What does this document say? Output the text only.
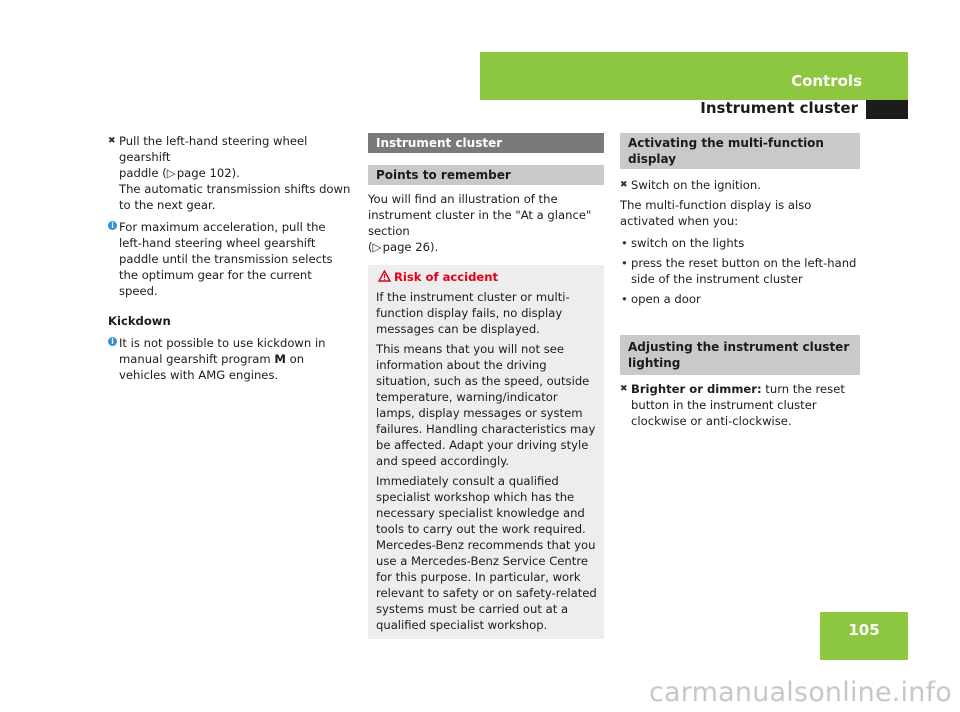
Controls
Instrument cluster
✖ Pull the left-hand steering wheel gearshift
paddle (▷ page 102).

The automatic transmission shifts down to the next gear.

i For maximum acceleration, pull the left-hand steering wheel gearshift paddle until the transmission selects the optimum gear for the current speed.

Kickdown

i It is not possible to use kickdown in manual gearshift program M on vehicles with AMG engines.
Instrument cluster
Points to remember

You will find an illustration of the instrument cluster in the "At a glance" section
(▷ page 26).

Risk of accident

If the instrument cluster or multi-function display fails, no display messages can be displayed.

This means that you will not see information about the driving situation, such as the speed, outside temperature, warning/indicator lamps, display messages or system failures. Handling characteristics may be affected. Adapt your driving style and speed accordingly.

Immediately consult a qualified specialist workshop which has the necessary specialist knowledge and tools to carry out the work required. Mercedes-Benz recommends that you use a Mercedes-Benz Service Centre for this purpose. In particular, work relevant to safety or on safety-related systems must be carried out at a qualified specialist workshop.

Activating the multi-function display
✖ Switch on the ignition.

The multi-function display is also activated when you:

• switch on the lights
• press the reset button on the left-hand side of the instrument cluster
• open a door
Adjusting the instrument cluster lighting
✖ Brighter or dimmer: turn the reset button in the instrument cluster clockwise or anti-clockwise.
105
carmanualsonline.info
